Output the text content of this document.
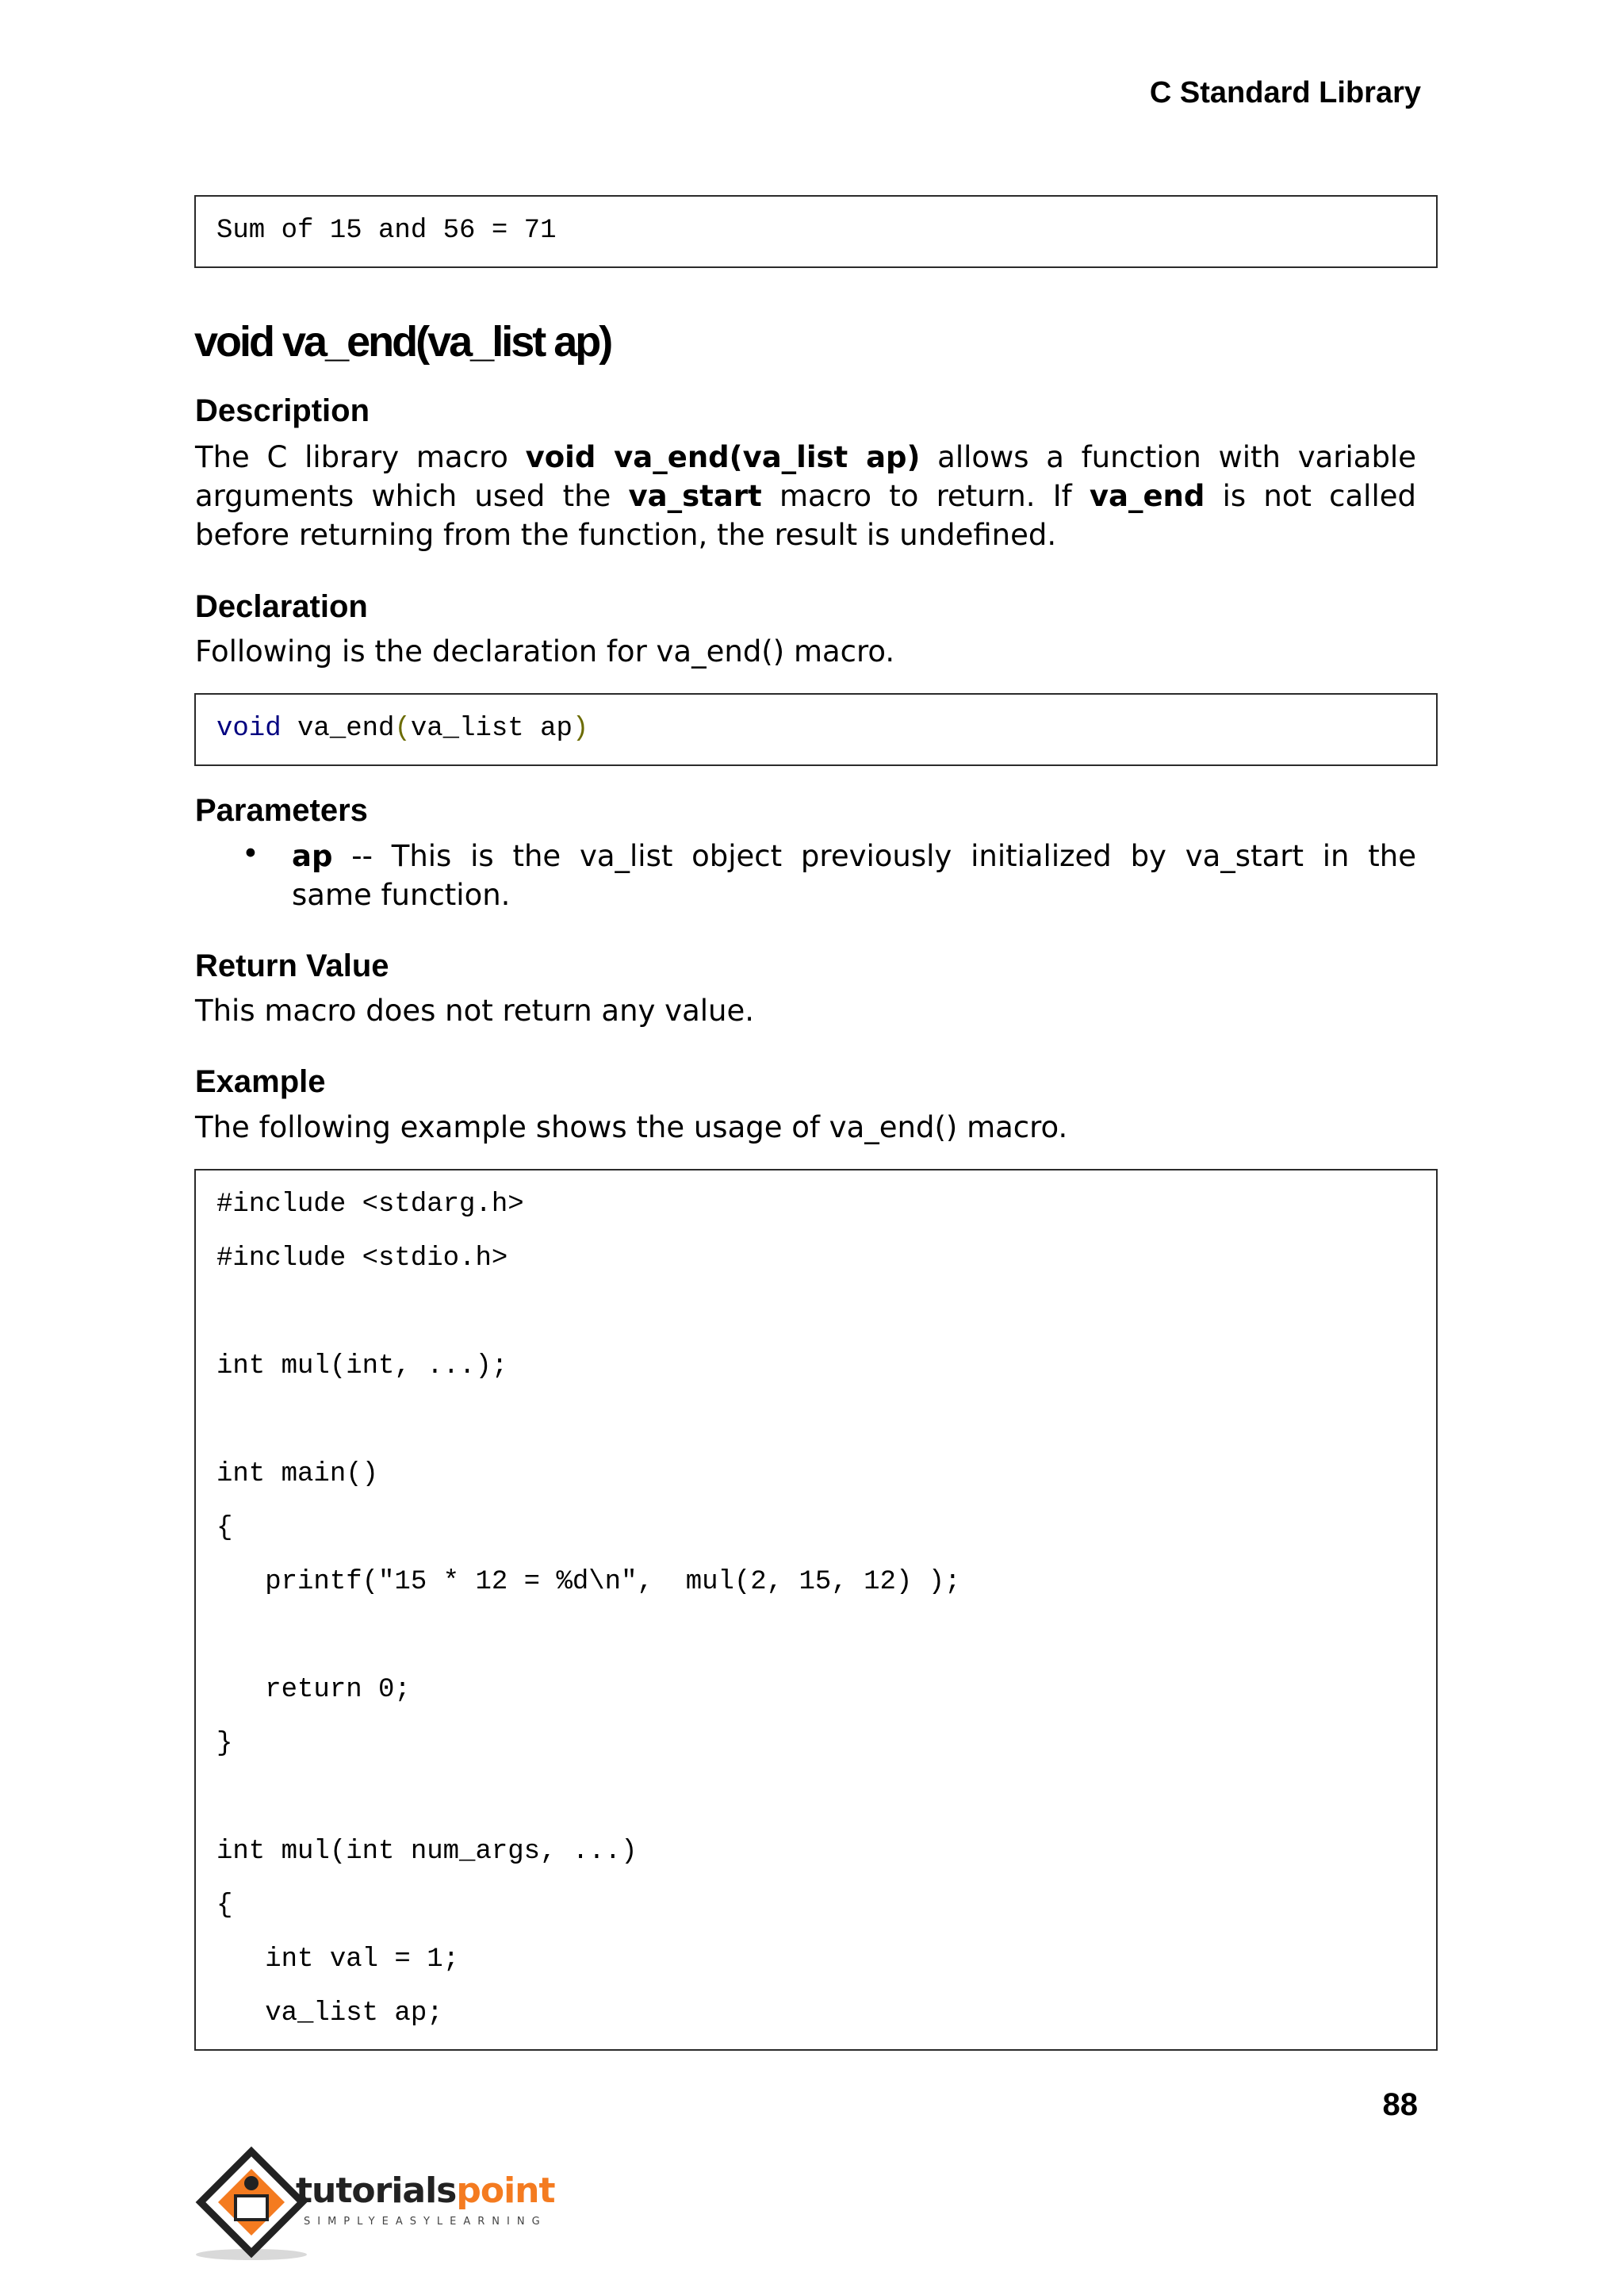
C Standard Library
Sum of 15 and 56 = 71
void va_end(va_list ap)
Description
The C library macro void va_end(va_list ap) allows a function with variable
arguments which used the va_start macro to return. If va_end is not called
before returning from the function, the result is undefined.
Declaration
Following is the declaration for va_end() macro.
void va_end(va_list ap)
Parameters
• ap -- This is the va_list object previously initialized by va_start in the
same function.
Return Value
This macro does not return any value.
Example
The following example shows the usage of va_end() macro.
#include <stdarg.h>
#include <stdio.h>
int mul(int, ...);
int main()
{
printf("15 * 12 = %d\n",  mul(2, 15, 12) );
return 0;
}
int mul(int num_args, ...)
{
int val = 1;
va_list ap;
88
tutorialspoint
SIMPLYEASYLEARNING
